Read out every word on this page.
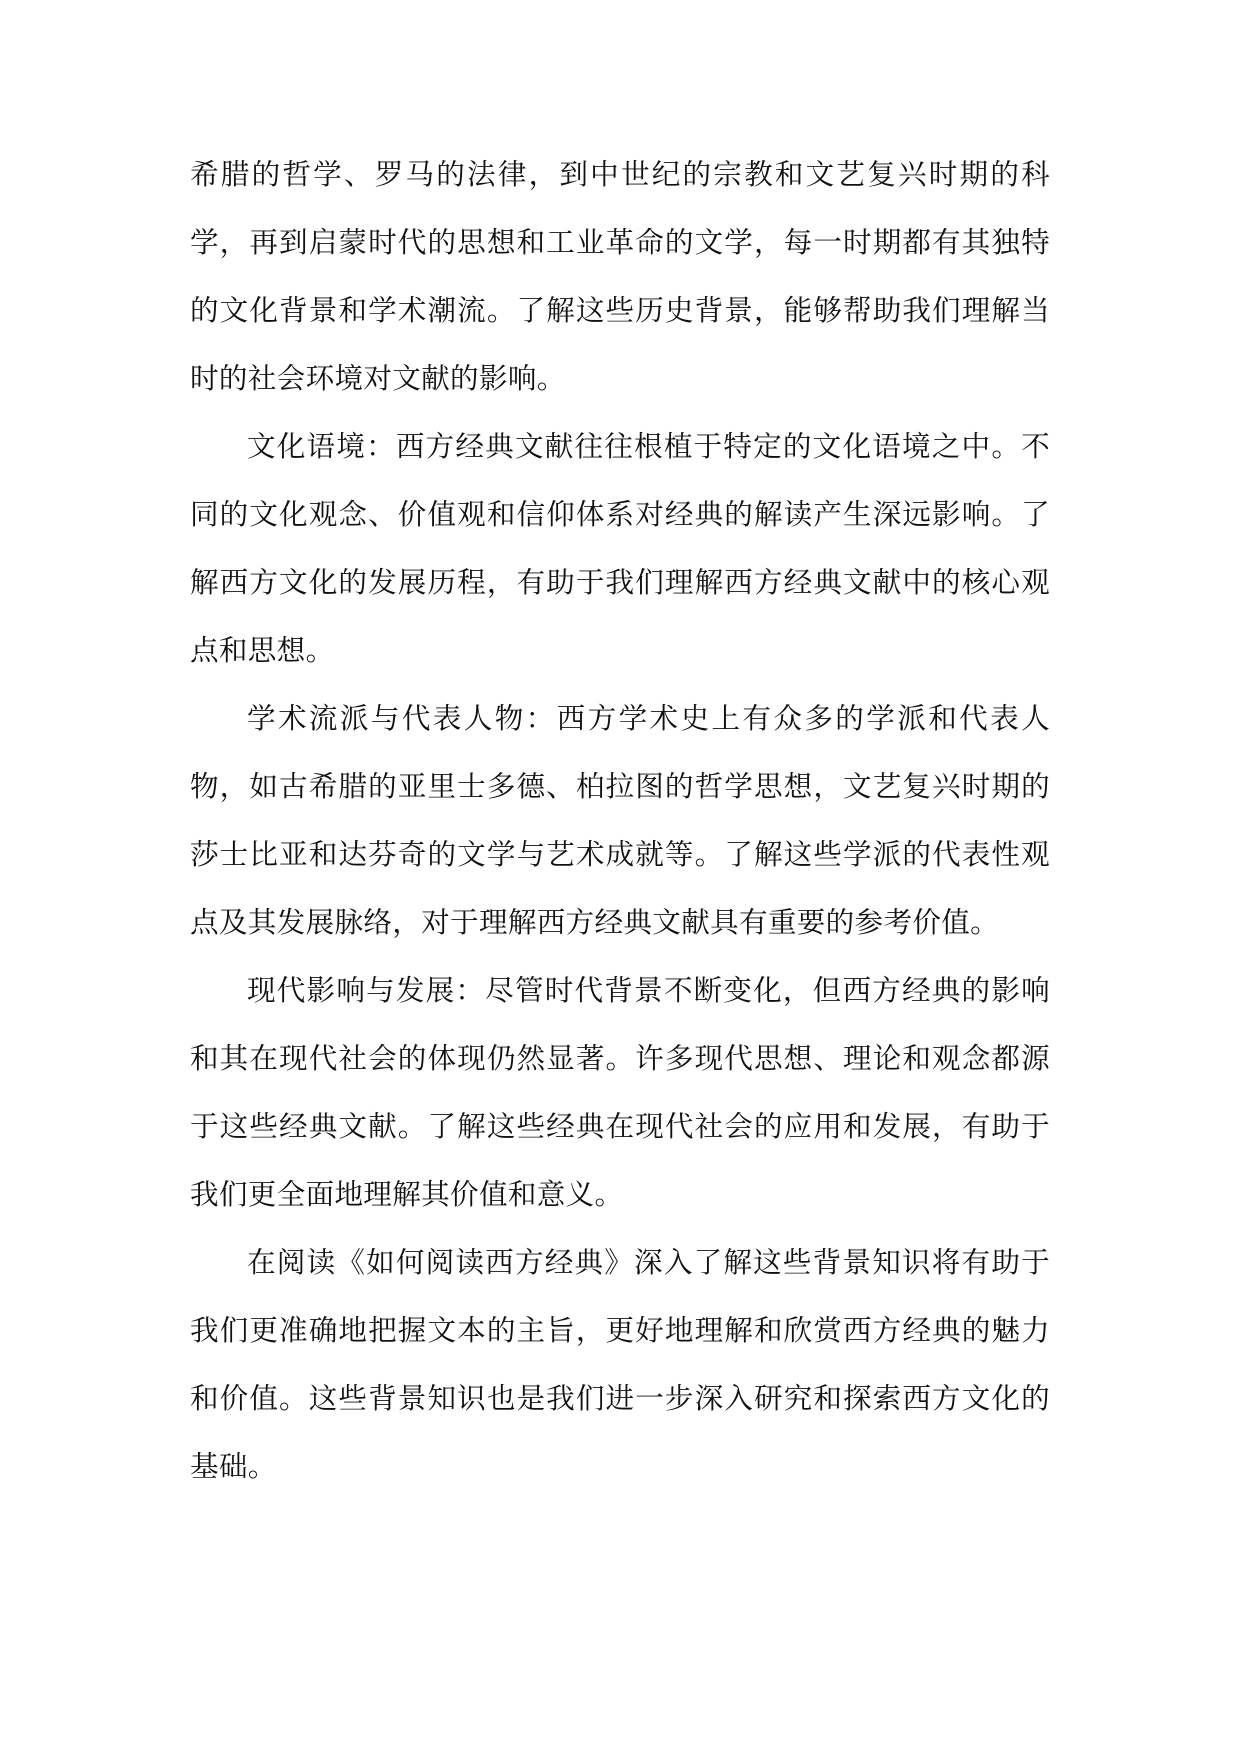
希腊的哲学、罗马的法律，到中世纪的宗教和文艺复兴时期的科学，再到启蒙时代的思想和工业革命的文学，每一时期都有其独特的文化背景和学术潮流。了解这些历史背景，能够帮助我们理解当时的社会环境对文献的影响。

文化语境：西方经典文献往往根植于特定的文化语境之中。不同的文化观念、价值观和信仰体系对经典的解读产生深远影响。了解西方文化的发展历程，有助于我们理解西方经典文献中的核心观点和思想。

学术流派与代表人物：西方学术史上有众多的学派和代表人物，如古希腊的亚里士多德、柏拉图的哲学思想，文艺复兴时期的莎士比亚和达芬奇的文学与艺术成就等。了解这些学派的代表性观点及其发展脉络，对于理解西方经典文献具有重要的参考价值。

现代影响与发展：尽管时代背景不断变化，但西方经典的影响和其在现代社会的体现仍然显著。许多现代思想、理论和观念都源于这些经典文献。了解这些经典在现代社会的应用和发展，有助于我们更全面地理解其价值和意义。

在阅读《如何阅读西方经典》深入了解这些背景知识将有助于我们更准确地把握文本的主旨，更好地理解和欣赏西方经典的魅力和价值。这些背景知识也是我们进一步深入研究和探索西方文化的基础。
